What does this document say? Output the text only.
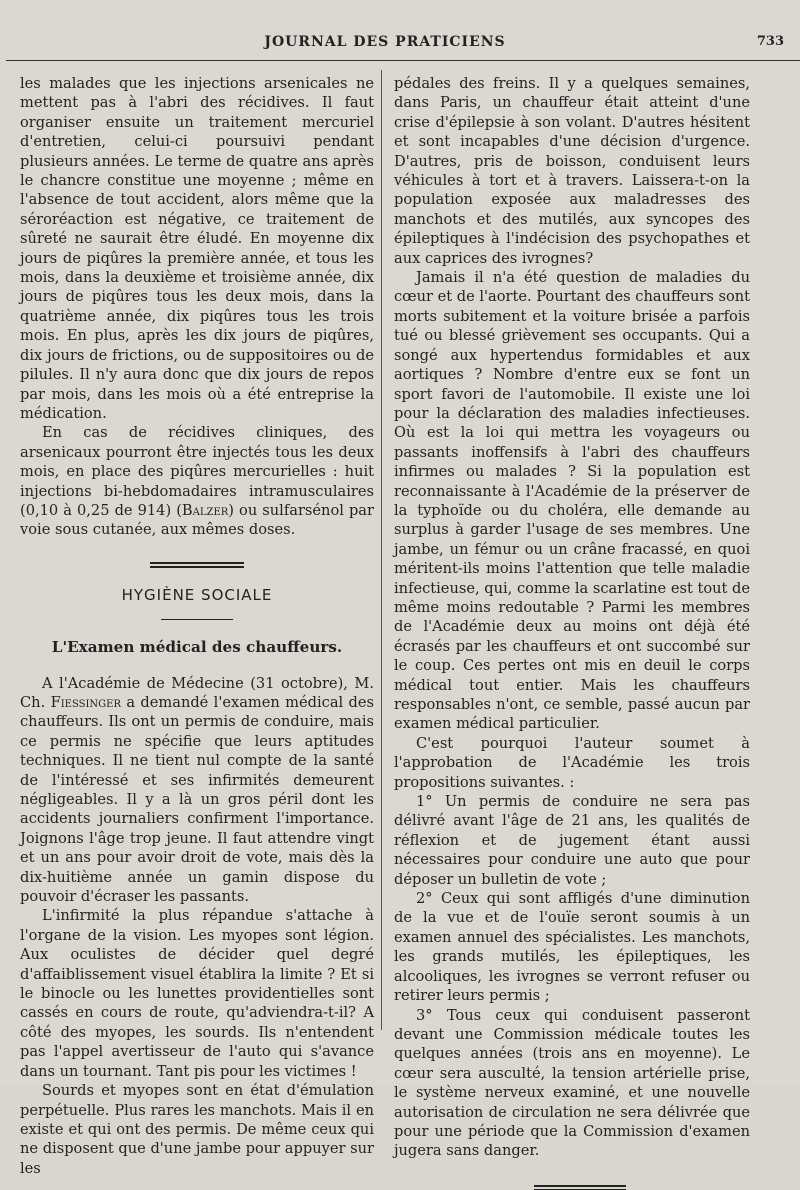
JOURNAL DES PRATICIENS	733

les malades que les injections arsenicales ne mettent pas à l'abri des récidives. Il faut organiser ensuite un traitement mercuriel d'entretien, celui-ci poursuivi pendant plusieurs années. Le terme de quatre ans après le chancre constitue une moyenne ; même en l'absence de tout accident, alors même que la séroréaction est négative, ce traitement de sûreté ne saurait être éludé. En moyenne dix jours de piqûres la première année, et tous les mois, dans la deuxième et troisième année, dix jours de piqûres tous les deux mois, dans la quatrième année, dix piqûres tous les trois mois. En plus, après les dix jours de piqûres, dix jours de frictions, ou de suppositoires ou de pilules. Il n'y aura donc que dix jours de repos par mois, dans les mois où a été entreprise la médication.

En cas de récidives cliniques, des arsenicaux pourront être injectés tous les deux mois, en place des piqûres mercurielles : huit injections bi-hebdomadaires intramusculaires (0,10 à 0,25 de 914) (Balzer) ou sulfarsénol par voie sous cutanée, aux mêmes doses.

HYGIÈNE SOCIALE
L'Examen médical des chauffeurs.

A l'Académie de Médecine (31 octobre), M. Ch. Fiessinger a demandé l'examen médical des chauffeurs. Ils ont un permis de conduire, mais ce permis ne spécifie que leurs aptitudes techniques. Il ne tient nul compte de la santé de l'intéressé et ses infirmités demeurent négligeables. Il y a là un gros péril dont les accidents journaliers confirment l'importance. Joignons l'âge trop jeune. Il faut attendre vingt et un ans pour avoir droit de vote, mais dès la dix-huitième année un gamin dispose du pouvoir d'écraser les passants.

L'infirmité la plus répandue s'attache à l'organe de la vision. Les myopes sont légion. Aux oculistes de décider quel degré d'affaiblissement visuel établira la limite ? Et si le binocle ou les lunettes providentielles sont cassés en cours de route, qu'adviendra-t-il? A côté des myopes, les sourds. Ils n'entendent pas l'appel avertisseur de l'auto qui s'avance dans un tournant. Tant pis pour les victimes !

Sourds et myopes sont en état d'émulation perpétuelle. Plus rares les manchots. Mais il en existe et qui ont des permis. De même ceux qui ne disposent que d'une jambe pour appuyer sur les

pédales des freins. Il y a quelques semaines, dans Paris, un chauffeur était atteint d'une crise d'épilepsie à son volant. D'autres hésitent et sont incapables d'une décision d'urgence. D'autres, pris de boisson, conduisent leurs véhicules à tort et à travers. Laissera-t-on la population exposée aux maladresses des manchots et des mutilés, aux syncopes des épileptiques à l'indécision des psychopathes et aux caprices des ivrognes?

Jamais il n'a été question de maladies du cœur et de l'aorte. Pourtant des chauffeurs sont morts subitement et la voiture brisée a parfois tué ou blessé grièvement ses occupants. Qui a songé aux hypertendus formidables et aux aortiques ? Nombre d'entre eux se font un sport favori de l'automobile. Il existe une loi pour la déclaration des maladies infectieuses. Où est la loi qui mettra les voyageurs ou passants inoffensifs à l'abri des chauffeurs infirmes ou malades ? Si la population est reconnaissante à l'Académie de la préserver de la typhoïde ou du choléra, elle demande au surplus à garder l'usage de ses membres. Une jambe, un fémur ou un crâne fracassé, en quoi méritent-ils moins l'attention que telle maladie infectieuse, qui, comme la scarlatine est tout de même moins redoutable ? Parmi les membres de l'Académie deux au moins ont déjà été écrasés par les chauffeurs et ont succombé sur le coup. Ces pertes ont mis en deuil le corps médical tout entier. Mais les chauffeurs responsables n'ont, ce semble, passé aucun par examen médical particulier.

C'est pourquoi l'auteur soumet à l'approbation de l'Académie les trois propositions suivantes. :

1° Un permis de conduire ne sera pas délivré avant l'âge de 21 ans, les qualités de réflexion et de jugement étant aussi nécessaires pour conduire une auto que pour déposer un bulletin de vote ;

2° Ceux qui sont affligés d'une diminution de la vue et de l'ouïe seront soumis à un examen annuel des spécialistes. Les manchots, les grands mutilés, les épileptiques, les alcooliques, les ivrognes se verront refuser ou retirer leurs permis ;

3° Tous ceux qui conduisent passeront devant une Commission médicale toutes les quelques années (trois ans en moyenne). Le cœur sera ausculté, la tension artérielle prise, le système nerveux examiné, et une nouvelle autorisation de circulation ne sera délivrée que pour une période que la Commission d'examen jugera sans danger.
